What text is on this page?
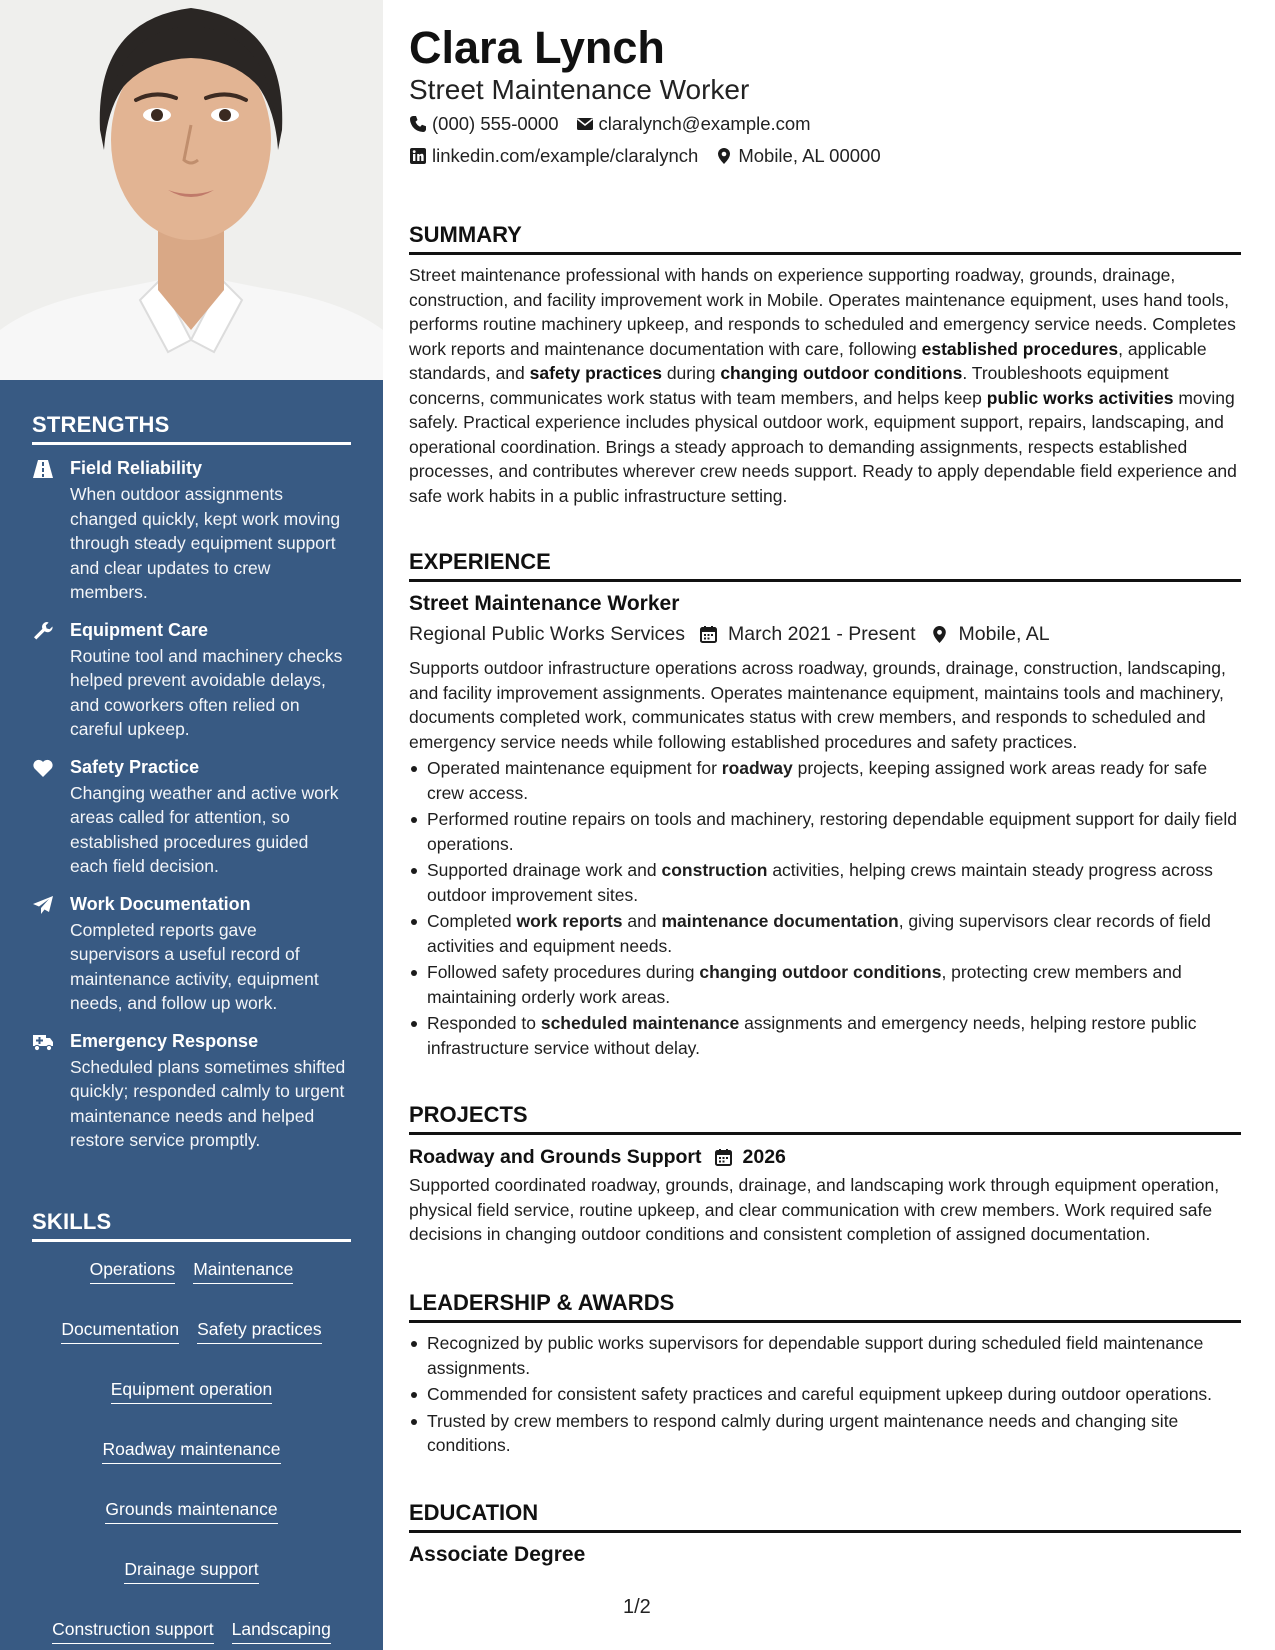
STRENGTHS
Field Reliability
When outdoor assignments changed quickly, kept work moving through steady equipment support and clear updates to crew members.
Equipment Care
Routine tool and machinery checks helped prevent avoidable delays, and coworkers often relied on careful upkeep.
Safety Practice
Changing weather and active work areas called for attention, so established procedures guided each field decision.
Work Documentation
Completed reports gave supervisors a useful record of maintenance activity, equipment needs, and follow up work.
Emergency Response
Scheduled plans sometimes shifted quickly; responded calmly to urgent maintenance needs and helped restore service promptly.
SKILLS
Operations Maintenance
Documentation Safety practices
Equipment operation
Roadway maintenance
Grounds maintenance
Drainage support
Construction support Landscaping
Clara Lynch
Street Maintenance Worker
(000) 555-0000 claralynch@example.com
linkedin.com/example/claralynch Mobile, AL 00000
SUMMARY

Street maintenance professional with hands on experience supporting roadway, grounds, drainage, construction, and facility improvement work in Mobile. Operates maintenance equipment, uses hand tools, performs routine machinery upkeep, and responds to scheduled and emergency service needs. Completes work reports and maintenance documentation with care, following established procedures, applicable standards, and safety practices during changing outdoor conditions. Troubleshoots equipment concerns, communicates work status with team members, and helps keep public works activities moving safely. Practical experience includes physical outdoor work, equipment support, repairs, landscaping, and operational coordination. Brings a steady approach to demanding assignments, respects established processes, and contributes wherever crew needs support. Ready to apply dependable field experience and safe work habits in a public infrastructure setting.

EXPERIENCE
Street Maintenance Worker
Regional Public Works Services March 2021 - Present Mobile, AL

Supports outdoor infrastructure operations across roadway, grounds, drainage, construction, landscaping, and facility improvement assignments. Operates maintenance equipment, maintains tools and machinery, documents completed work, communicates status with crew members, and responds to scheduled and emergency service needs while following established procedures and safety practices.

Operated maintenance equipment for roadway projects, keeping assigned work areas ready for safe crew access.
Performed routine repairs on tools and machinery, restoring dependable equipment support for daily field operations.
Supported drainage work and construction activities, helping crews maintain steady progress across outdoor improvement sites.
Completed work reports and maintenance documentation, giving supervisors clear records of field activities and equipment needs.
Followed safety procedures during changing outdoor conditions, protecting crew members and maintaining orderly work areas.
Responded to scheduled maintenance assignments and emergency needs, helping restore public infrastructure service without delay.
PROJECTS
Roadway and Grounds Support 2026

Supported coordinated roadway, grounds, drainage, and landscaping work through equipment operation, physical field service, routine upkeep, and clear communication with crew members. Work required safe decisions in changing outdoor conditions and consistent completion of assigned documentation.

LEADERSHIP & AWARDS
Recognized by public works supervisors for dependable support during scheduled field maintenance assignments.
Commended for consistent safety practices and careful equipment upkeep during outdoor operations.
Trusted by crew members to respond calmly during urgent maintenance needs and changing site conditions.
EDUCATION
Associate Degree
1/2
